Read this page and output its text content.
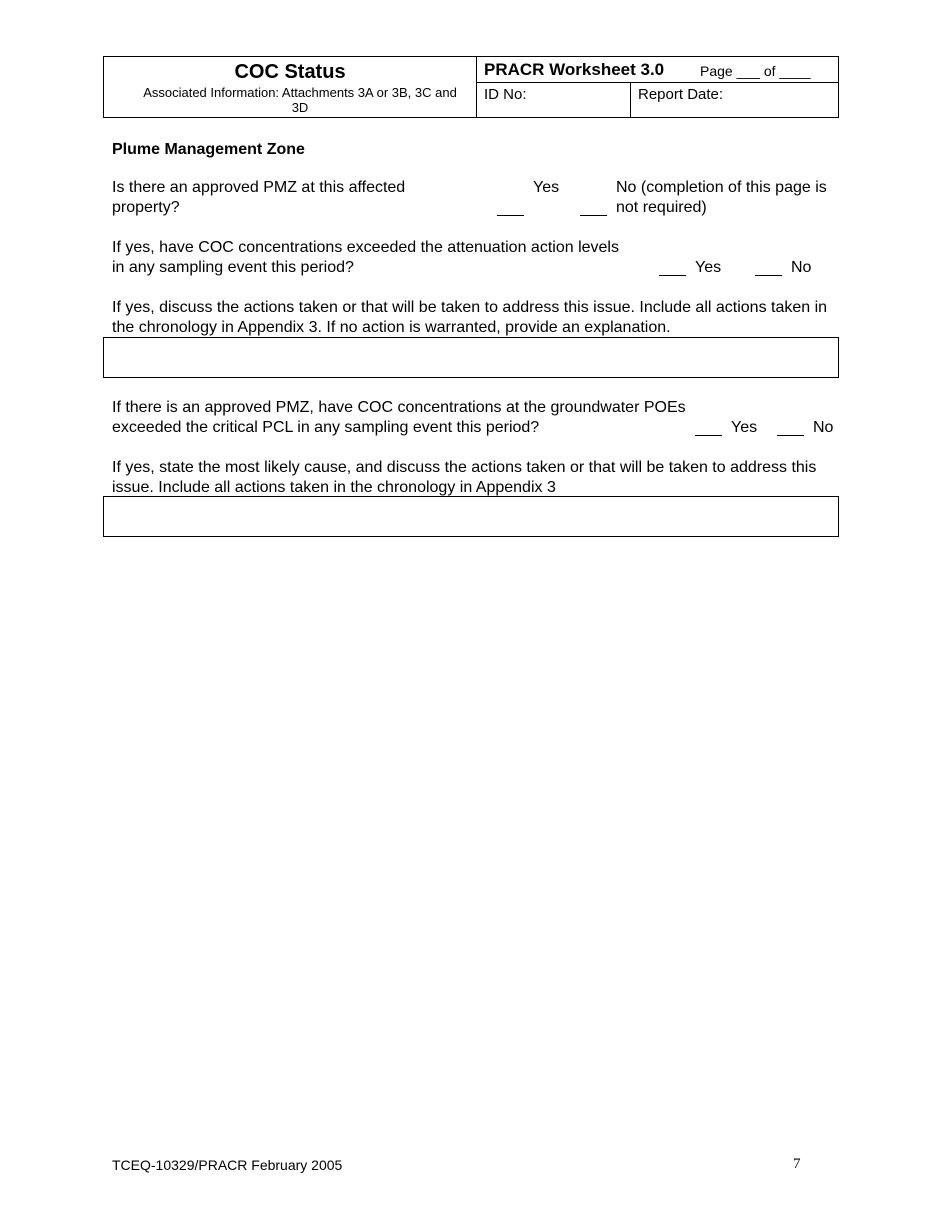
COC Status
Associated Information: Attachments 3A or 3B, 3C and 3D
PRACR Worksheet 3.0	Page ___ of ____
ID No:	Report Date:
Plume Management Zone
Is there an approved PMZ at this affected property?
Yes	No (completion of this page is not required)
If yes, have COC concentrations exceeded the attenuation action levels in any sampling event this period?	Yes	No
If yes, discuss the actions taken or that will be taken to address this issue. Include all actions taken in the chronology in Appendix 3. If no action is warranted, provide an explanation.
If there is an approved PMZ, have COC concentrations at the groundwater POEs exceeded the critical PCL in any sampling event this period?	Yes	No
If yes, state the most likely cause, and discuss the actions taken or that will be taken to address this issue. Include all actions taken in the chronology in Appendix 3
TCEQ-10329/PRACR February 2005	7
